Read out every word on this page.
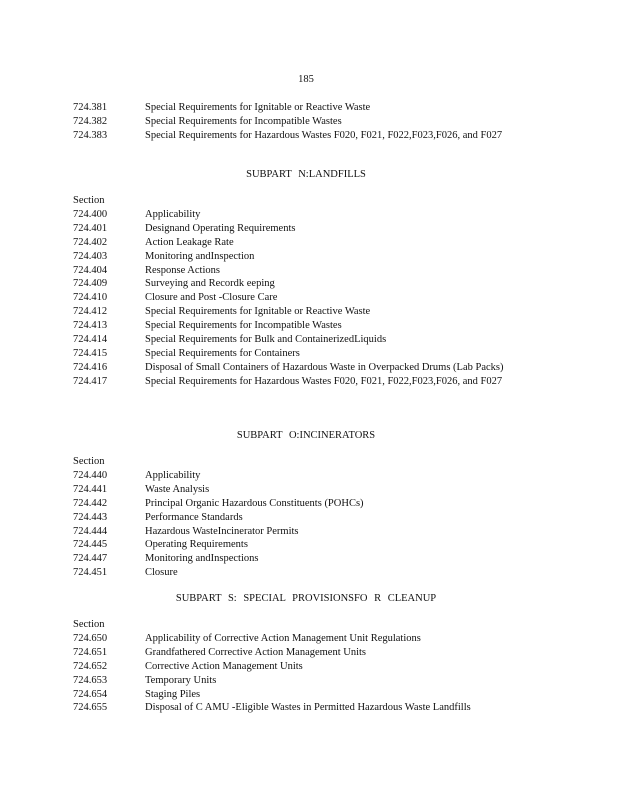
185
724.381	Special Requirements for Ignitable or Reactive Waste
724.382	Special Requirements for Incompatible Wastes
724.383	Special Requirements for Hazardous Wastes F020, F021, F022,F023,F026, and F027
SUBPART N:LANDFILLS
Section
724.400	Applicability
724.401	Designand Operating Requirements
724.402	Action Leakage Rate
724.403	Monitoring andInspection
724.404	Response Actions
724.409	Surveying and Recordk eeping
724.410	Closure and Post -Closure Care
724.412	Special Requirements for Ignitable or Reactive Waste
724.413	Special Requirements for Incompatible Wastes
724.414	Special Requirements for Bulk and ContainerizedLiquids
724.415	Special Requirements for Containers
724.416	Disposal of Small Containers of Hazardous Waste in Overpacked Drums (Lab Packs)
724.417	Special Requirements for Hazardous Wastes F020, F021, F022,F023,F026, and F027
SUBPART O:INCINERATORS
Section
724.440	Applicability
724.441	Waste Analysis
724.442	Principal Organic Hazardous Constituents (POHCs)
724.443	Performance Standards
724.444	Hazardous WasteIncinerator Permits
724.445	Operating Requirements
724.447	Monitoring andInspections
724.451	Closure
SUBPART S: SPECIAL PROVISIONSFO R CLEANUP
Section
724.650	Applicability of Corrective Action Management Unit Regulations
724.651	Grandfathered Corrective Action Management Units
724.652	Corrective Action Management Units
724.653	Temporary Units
724.654	Staging Piles
724.655	Disposal of C AMU -Eligible Wastes in Permitted Hazardous Waste Landfills
